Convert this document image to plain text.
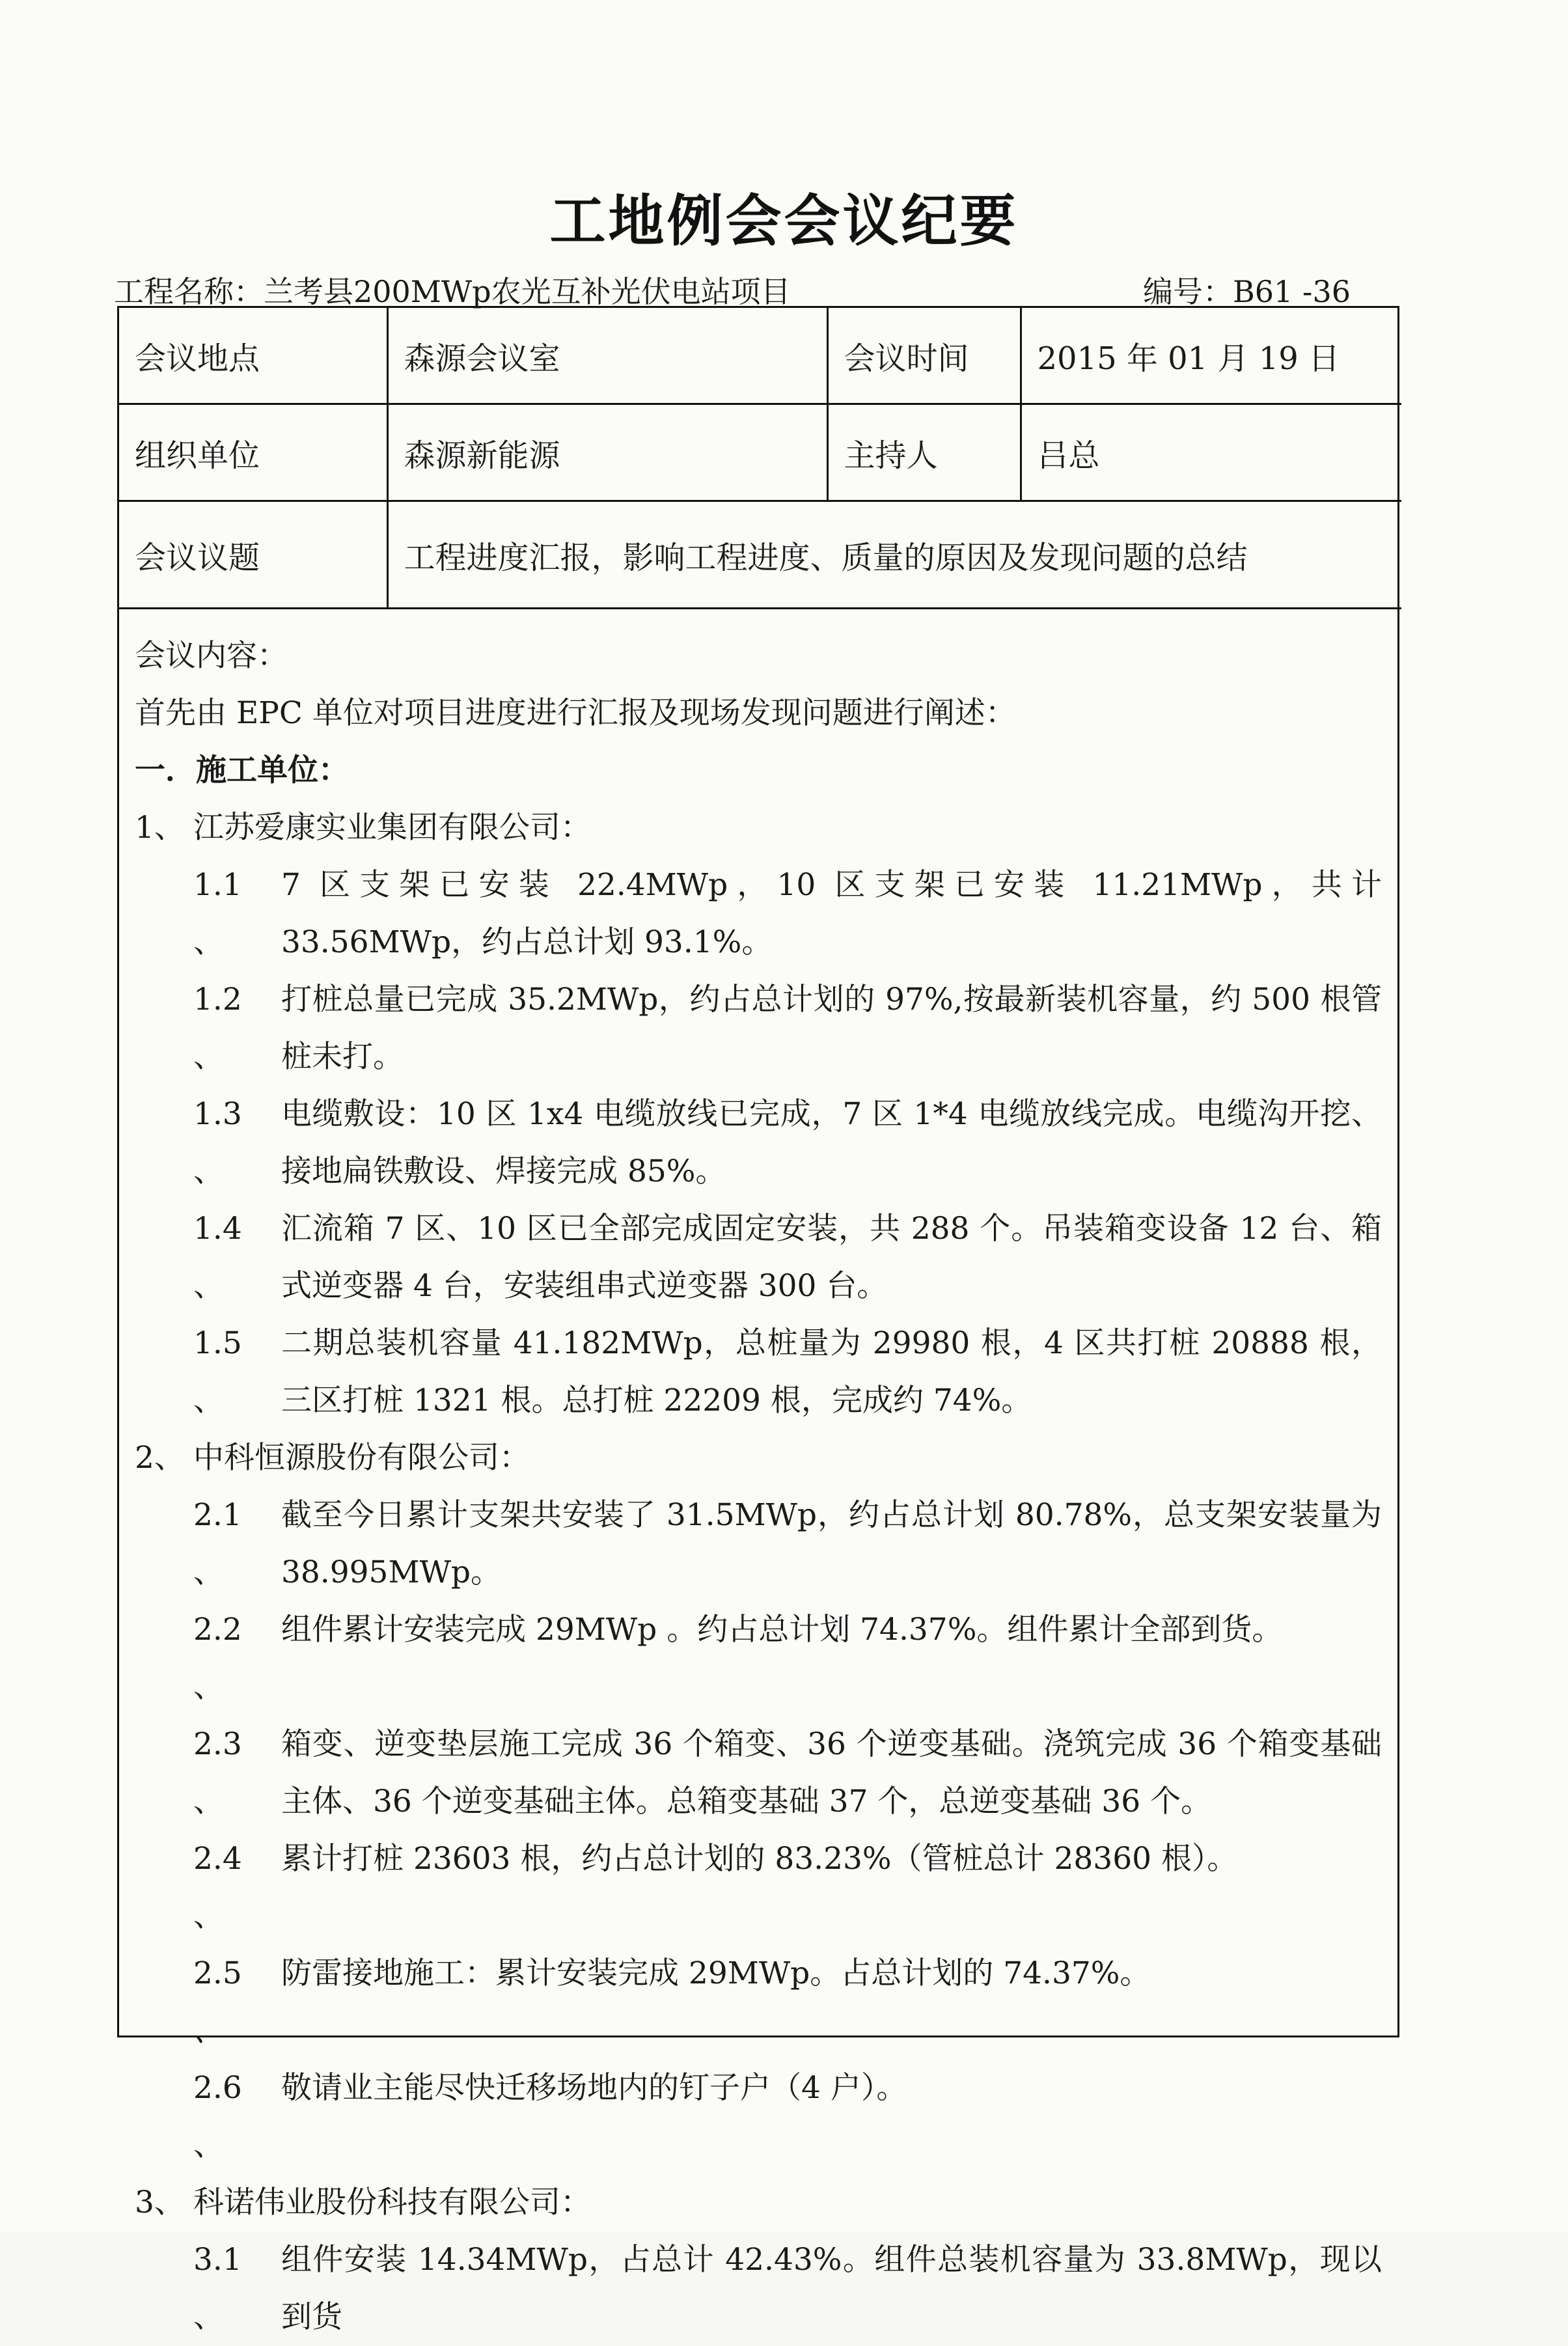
工地例会会议纪要
工程名称：兰考县200MWp农光互补光伏电站项目	编号：B61 -36
会议地点	森源会议室	会议时间	2015 年 01 月 19 日
组织单位	森源新能源	主持人	吕总
会议议题	工程进度汇报，影响工程进度、质量的原因及发现问题的总结		
会议内容：
首先由 EPC 单位对项目进度进行汇报及现场发现问题进行阐述：
一．施工单位：
1、 江苏爱康实业集团有限公司：
1.1 、
7 区支架已安装 22.4MWp，10 区支架已安装 11.21MWp，共计 33.56MWp，约占总计划 93.1%。
1.2 、
打桩总量已完成 35.2MWp，约占总计划的 97%,按最新装机容量，约 500 根管桩未打。
1.3 、
电缆敷设：10 区 1x4 电缆放线已完成，7 区 1*4 电缆放线完成。电缆沟开挖、接地扁铁敷设、焊接完成 85%。
1.4 、
汇流箱 7 区、10 区已全部完成固定安装，共 288 个。吊装箱变设备 12 台、箱式逆变器 4 台，安装组串式逆变器 300 台。
1.5 、
二期总装机容量 41.182MWp，总桩量为 29980 根，4 区共打桩 20888 根，三区打桩 1321 根。总打桩 22209 根，完成约 74%。
2、 中科恒源股份有限公司：
2.1 、
截至今日累计支架共安装了 31.5MWp，约占总计划 80.78%，总支架安装量为 38.995MWp。
2.2 、
组件累计安装完成 29MWp 。约占总计划 74.37%。组件累计全部到货。
2.3 、
箱变、逆变垫层施工完成 36 个箱变、36 个逆变基础。浇筑完成 36 个箱变基础主体、36 个逆变基础主体。总箱变基础 37 个，总逆变基础 36 个。
2.4 、
累计打桩 23603 根，约占总计划的 83.23%（管桩总计 28360 根）。
2.5 、
防雷接地施工：累计安装完成 29MWp。占总计划的 74.37%。
2.6 、
敬请业主能尽快迁移场地内的钉子户（4 户）。
3、 科诺伟业股份科技有限公司：
3.1 、
组件安装 14.34MWp，占总计 42.43%。组件总装机容量为 33.8MWp，现以到货
